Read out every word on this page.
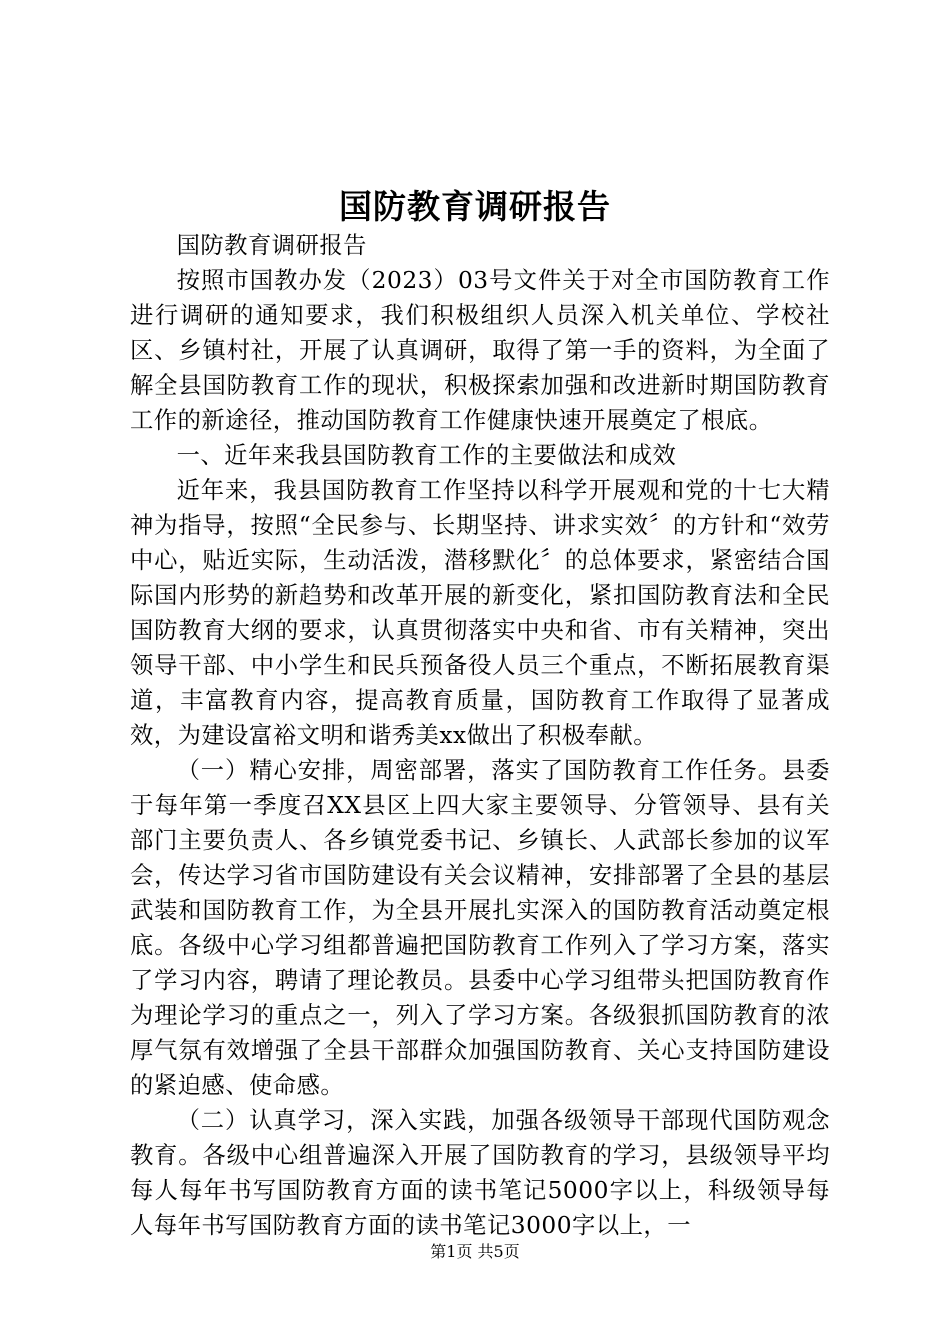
国防教育调研报告

国防教育调研报告

按照市国教办发（2023）03号文件关于对全市国防教育工作进行调研的通知要求，我们积极组织人员深入机关单位、学校社区、乡镇村社，开展了认真调研，取得了第一手的资料，为全面了解全县国防教育工作的现状，积极探索加强和改进新时期国防教育工作的新途径，推动国防教育工作健康快速开展奠定了根底。

一、近年来我县国防教育工作的主要做法和成效

近年来，我县国防教育工作坚持以科学开展观和党的十七大精神为指导，按照“全民参与、长期坚持、讲求实效〞的方针和“效劳中心，贴近实际，生动活泼，潜移默化〞的总体要求，紧密结合国际国内形势的新趋势和改革开展的新变化，紧扣国防教育法和全民国防教育大纲的要求，认真贯彻落实中央和省、市有关精神，突出领导干部、中小学生和民兵预备役人员三个重点，不断拓展教育渠道，丰富教育内容，提高教育质量，国防教育工作取得了显著成效，为建设富裕文明和谐秀美xx做出了积极奉献。

（一）精心安排，周密部署，落实了国防教育工作任务。县委于每年第一季度召XX县区上四大家主要领导、分管领导、县有关部门主要负责人、各乡镇党委书记、乡镇长、人武部长参加的议军会，传达学习省市国防建设有关会议精神，安排部署了全县的基层武装和国防教育工作，为全县开展扎实深入的国防教育活动奠定根底。各级中心学习组都普遍把国防教育工作列入了学习方案，落实了学习内容，聘请了理论教员。县委中心学习组带头把国防教育作为理论学习的重点之一，列入了学习方案。各级狠抓国防教育的浓厚气氛有效增强了全县干部群众加强国防教育、关心支持国防建设的紧迫感、使命感。

（二）认真学习，深入实践，加强各级领导干部现代国防观念教育。各级中心组普遍深入开展了国防教育的学习，县级领导平均每人每年书写国防教育方面的读书笔记5000字以上，科级领导每人每年书写国防教育方面的读书笔记3000字以上，一

第1页 共5页
